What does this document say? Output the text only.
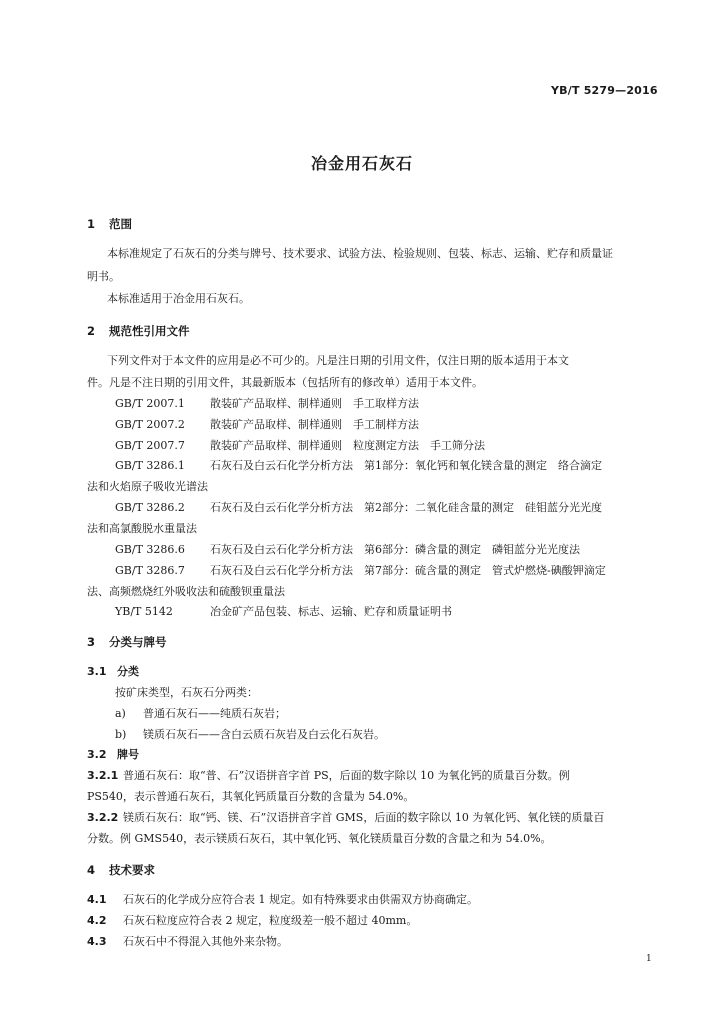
YB/T 5279—2016
冶金用石灰石
1 范围
本标准规定了石灰石的分类与牌号、技术要求、试验方法、检验规则、包装、标志、运输、贮存和质量证
明书。
本标准适用于冶金用石灰石。
2 规范性引用文件
下列文件对于本文件的应用是必不可少的。凡是注日期的引用文件，仅注日期的版本适用于本文
件。凡是不注日期的引用文件，其最新版本（包括所有的修改单）适用于本文件。
GB/T 2007.1 散装矿产品取样、制样通则　手工取样方法
GB/T 2007.2 散装矿产品取样、制样通则　手工制样方法
GB/T 2007.7 散装矿产品取样、制样通则　粒度测定方法　手工筛分法
GB/T 3286.1 石灰石及白云石化学分析方法　第1部分：氧化钙和氧化镁含量的测定　络合滴定
法和火焰原子吸收光谱法
GB/T 3286.2 石灰石及白云石化学分析方法　第2部分：二氧化硅含量的测定　硅钼蓝分光光度
法和高氯酸脱水重量法
GB/T 3286.6 石灰石及白云石化学分析方法　第6部分：磷含量的测定　磷钼蓝分光光度法
GB/T 3286.7 石灰石及白云石化学分析方法　第7部分：硫含量的测定　管式炉燃烧-碘酸钾滴定
法、高频燃烧红外吸收法和硫酸钡重量法
YB/T 5142	冶金矿产品包装、标志、运输、贮存和质量证明书
3 分类与牌号
3.1 分类
按矿床类型，石灰石分两类：
a) 普通石灰石——纯质石灰岩；
b) 镁质石灰石——含白云质石灰岩及白云化石灰岩。
3.2 牌号
3.2.1 普通石灰石：取“普、石”汉语拼音字首 PS，后面的数字除以 10 为氧化钙的质量百分数。例
PS540，表示普通石灰石，其氧化钙质量百分数的含量为 54.0%。
3.2.2 镁质石灰石：取“钙、镁、石”汉语拼音字首 GMS，后面的数字除以 10 为氧化钙、氧化镁的质量百
分数。例 GMS540，表示镁质石灰石，其中氧化钙、氧化镁质量百分数的含量之和为 54.0%。
4 技术要求
4.1 石灰石的化学成分应符合表 1 规定。如有特殊要求由供需双方协商确定。
4.2 石灰石粒度应符合表 2 规定，粒度级差一般不超过 40mm。
4.3 石灰石中不得混入其他外来杂物。
1
